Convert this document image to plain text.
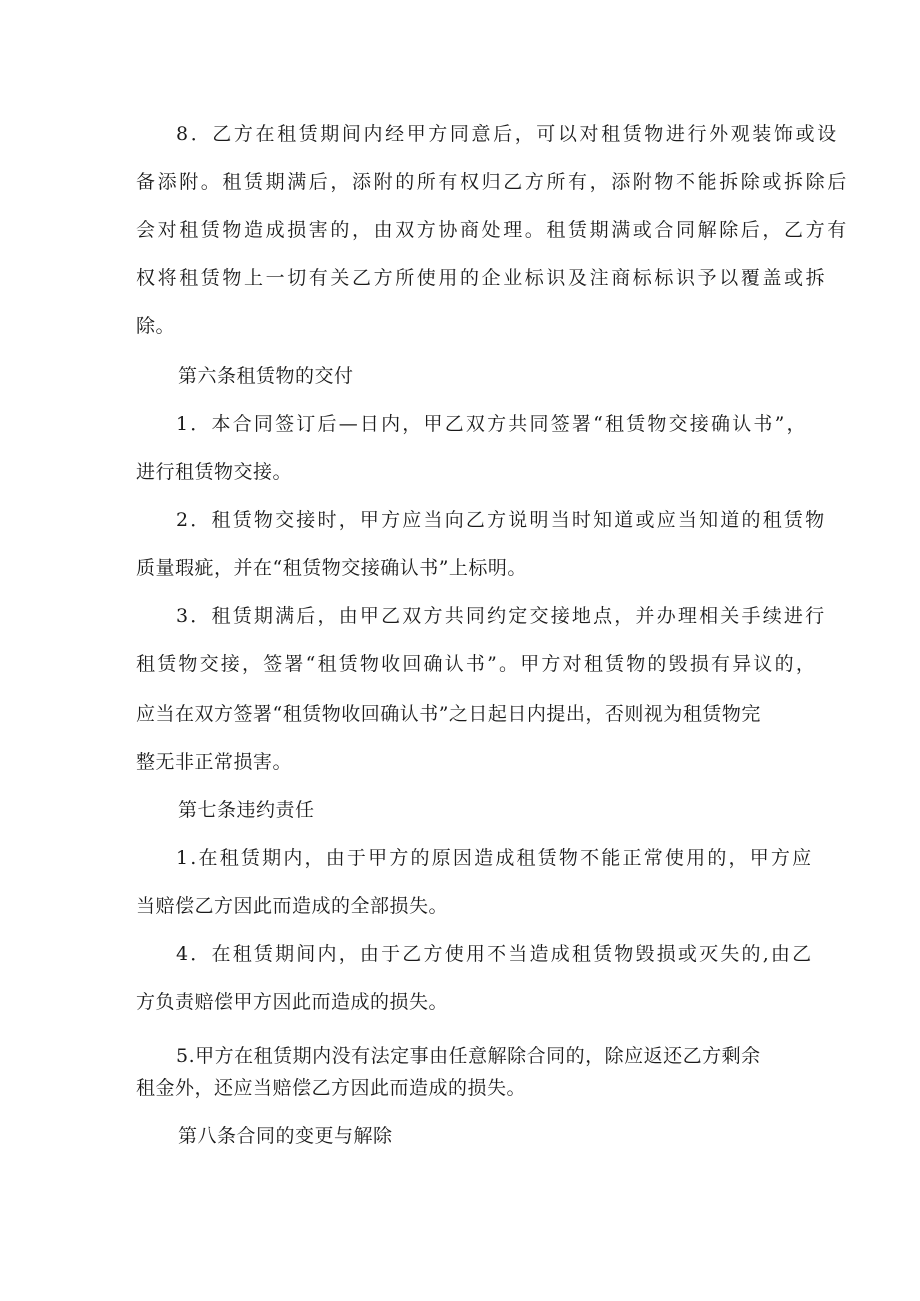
8．乙方在租赁期间内经甲方同意后，可以对租赁物进行外观装饰或设
备添附。租赁期满后，添附的所有权归乙方所有，添附物不能拆除或拆除后
会对租赁物造成损害的，由双方协商处理。租赁期满或合同解除后，乙方有
权将租赁物上一切有关乙方所使用的企业标识及注商标标识予以覆盖或拆
除。
第六条租赁物的交付
1．本合同签订后—日内，甲乙双方共同签署“租赁物交接确认书”，
进行租赁物交接。
2．租赁物交接时，甲方应当向乙方说明当时知道或应当知道的租赁物
质量瑕疵，并在“租赁物交接确认书”上标明。
3．租赁期满后，由甲乙双方共同约定交接地点，并办理相关手续进行
租赁物交接，签署“租赁物收回确认书”。甲方对租赁物的毁损有异议的，
应当在双方签署“租赁物收回确认书”之日起日内提出，否则视为租赁物完
整无非正常损害。
第七条违约责任
1.在租赁期内，由于甲方的原因造成租赁物不能正常使用的，甲方应
当赔偿乙方因此而造成的全部损失。
4．在租赁期间内，由于乙方使用不当造成租赁物毁损或灭失的,由乙
方负责赔偿甲方因此而造成的损失。
5.甲方在租赁期内没有法定事由任意解除合同的，除应返还乙方剩余
租金外，还应当赔偿乙方因此而造成的损失。
第八条合同的变更与解除
